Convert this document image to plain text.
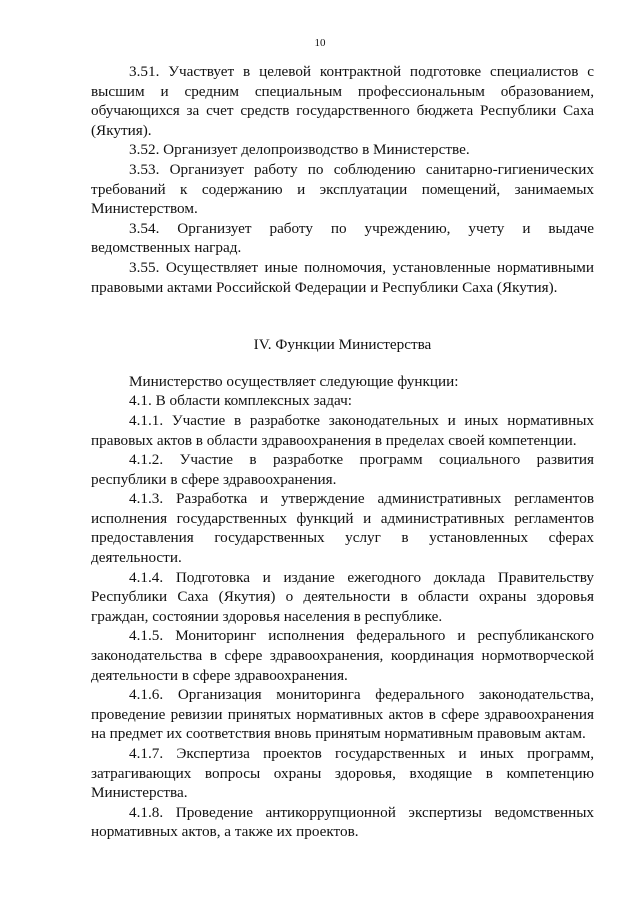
10

3.51. Участвует в целевой контрактной подготовке специалистов с высшим и средним специальным профессиональным образованием, обучающихся за счет средств государственного бюджета Республики Саха (Якутия).

3.52. Организует делопроизводство в Министерстве.

3.53. Организует работу по соблюдению санитарно-гигиенических требований к содержанию и эксплуатации помещений, занимаемых Министерством.

3.54. Организует работу по учреждению, учету и выдаче ведомственных наград.

3.55. Осуществляет иные полномочия, установленные нормативными правовыми актами Российской Федерации и Республики Саха (Якутия).

IV. Функции Министерства

Министерство осуществляет следующие функции:

4.1. В области комплексных задач:

4.1.1. Участие в разработке законодательных и иных нормативных правовых актов в области здравоохранения в пределах своей компетенции.

4.1.2. Участие в разработке программ социального развития республики в сфере здравоохранения.

4.1.3. Разработка и утверждение административных регламентов исполнения государственных функций и административных регламентов предоставления государственных услуг в установленных сферах деятельности.

4.1.4. Подготовка и издание ежегодного доклада Правительству Республики Саха (Якутия) о деятельности в области охраны здоровья граждан, состоянии здоровья населения в республике.

4.1.5. Мониторинг исполнения федерального и республиканского законодательства в сфере здравоохранения, координация нормотворческой деятельности в сфере здравоохранения.

4.1.6. Организация мониторинга федерального законодательства, проведение ревизии принятых нормативных актов в сфере здравоохранения на предмет их соответствия вновь принятым нормативным правовым актам.

4.1.7. Экспертиза проектов государственных и иных программ, затрагивающих вопросы охраны здоровья, входящие в компетенцию Министерства.

4.1.8. Проведение антикоррупционной экспертизы ведомственных нормативных актов, а также их проектов.
